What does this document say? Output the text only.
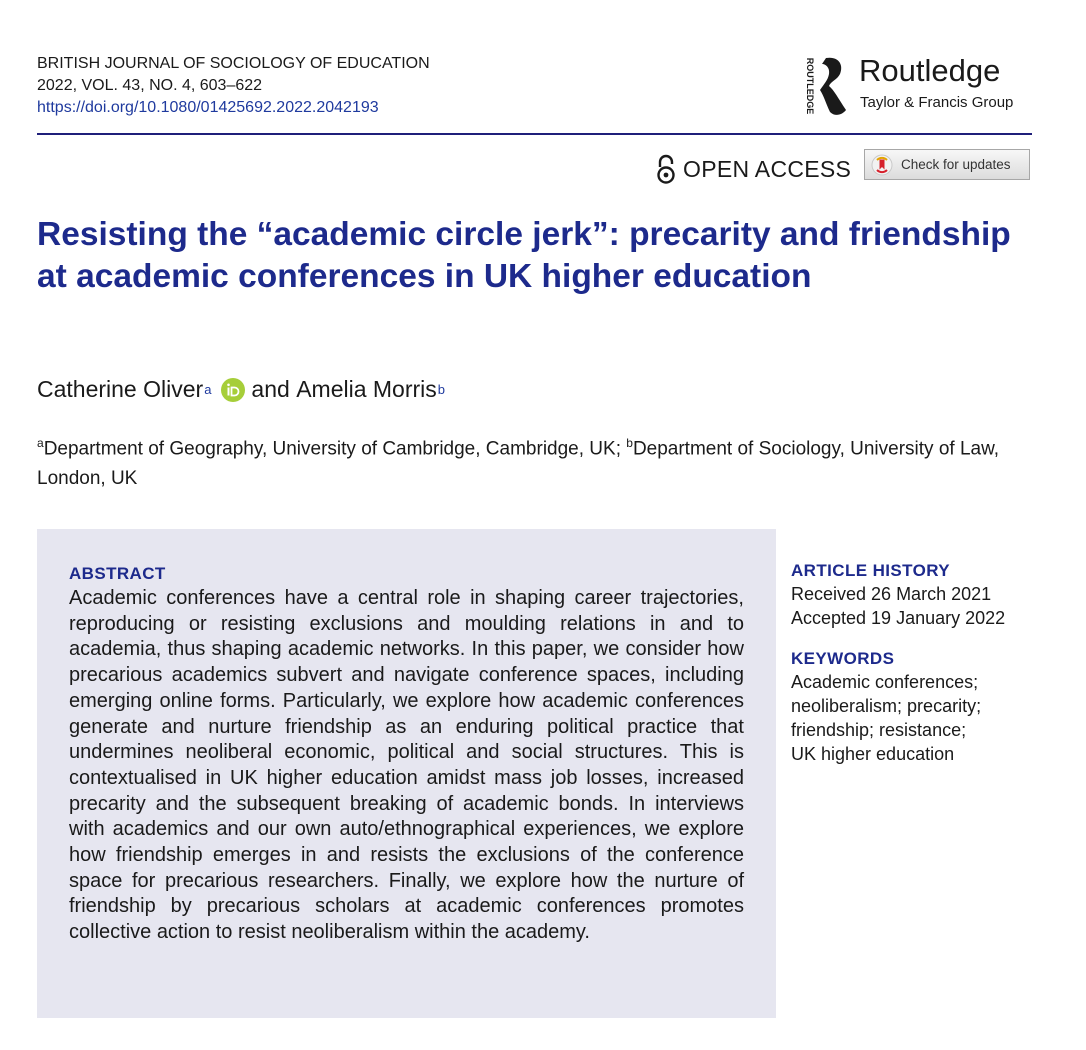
BRITISH JOURNAL OF SOCIOLOGY OF EDUCATION
2022, VOL. 43, NO. 4, 603–622
https://doi.org/10.1080/01425692.2022.2042193	ROUTLEDGE Routledge
Taylor & Francis Group
OPEN ACCESS	Check for updates
Resisting the “academic circle jerk”: precarity and friendship at academic conferences in UK higher education
Catherine Oliver a and
Amelia Morris b
$^a$Department of Geography, University of Cambridge, Cambridge, UK; $^b$Department of Sociology, University of Law, London, UK
ABSTRACT

Academic conferences have a central role in shaping career trajectories, reproducing or resisting exclusions and moulding relations in and to academia, thus shaping academic networks. In this paper, we consider how precarious academics subvert and navigate conference spaces, including emerging online forms. Particularly, we explore how academic conferences generate and nurture friendship as an enduring political practice that undermines neoliberal economic, political and social structures. This is contextualised in UK higher education amidst mass job losses, increased precarity and the subsequent breaking of academic bonds. In interviews with academics and our own auto/ethnographical experiences, we explore how friendship emerges in and resists the exclusions of the conference space for precarious researchers. Finally, we explore how the nurture of friendship by precarious scholars at academic conferences promotes collective action to resist neoliberalism within the academy.

ARTICLE HISTORY
Received 26 March 2021
Accepted 19 January 2022
KEYWORDS
Academic conferences;
neoliberalism; precarity;
friendship; resistance;
UK higher education
